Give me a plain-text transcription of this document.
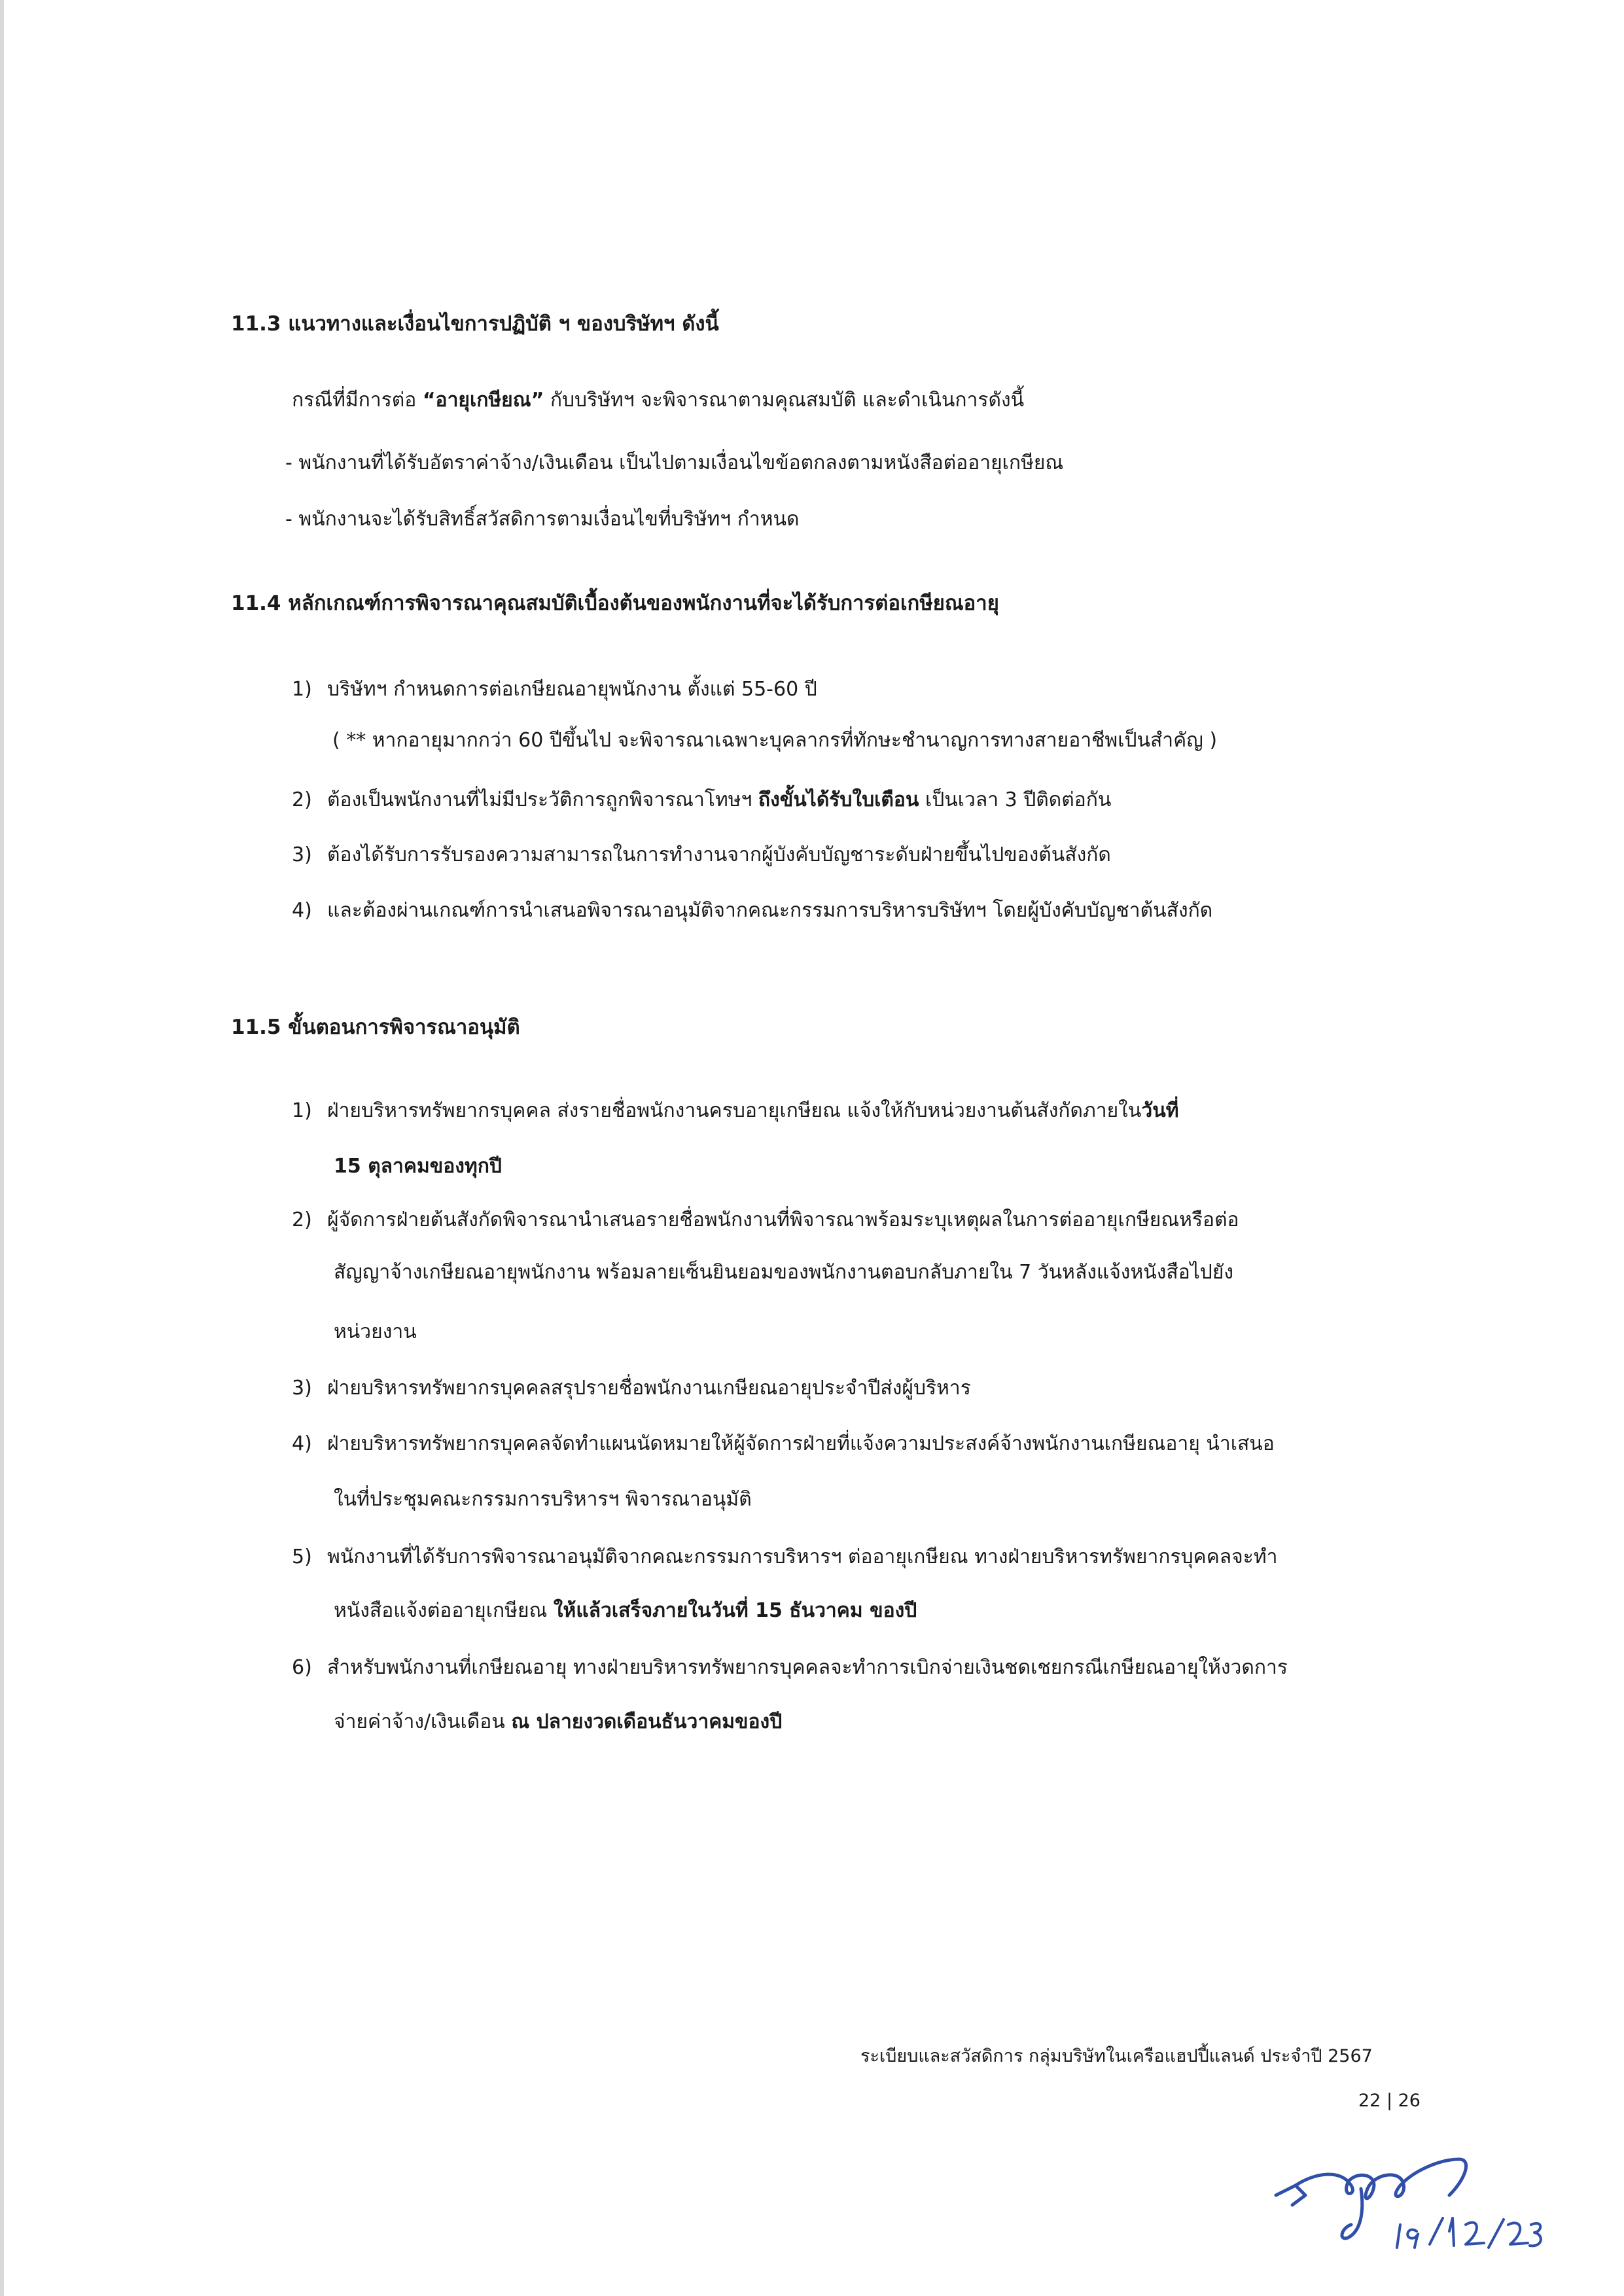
11.3 แนวทางและเงื่อนไขการปฏิบัติ ฯ ของบริษัทฯ ดังนี้
กรณีที่มีการต่อ “อายุเกษียณ” กับบริษัทฯ จะพิจารณาตามคุณสมบัติ และดำเนินการดังนี้
- พนักงานที่ได้รับอัตราค่าจ้าง/เงินเดือน เป็นไปตามเงื่อนไขข้อตกลงตามหนังสือต่ออายุเกษียณ
- พนักงานจะได้รับสิทธิ์สวัสดิการตามเงื่อนไขที่บริษัทฯ กำหนด
11.4 หลักเกณฑ์การพิจารณาคุณสมบัติเบื้องต้นของพนักงานที่จะได้รับการต่อเกษียณอายุ
1) บริษัทฯ กำหนดการต่อเกษียณอายุพนักงาน ตั้งแต่ 55-60 ปี
( ** หากอายุมากกว่า 60 ปีขึ้นไป จะพิจารณาเฉพาะบุคลากรที่ทักษะชำนาญการทางสายอาชีพเป็นสำคัญ )
2) ต้องเป็นพนักงานที่ไม่มีประวัติการถูกพิจารณาโทษฯ ถึงขั้นได้รับใบเตือน เป็นเวลา 3 ปีติดต่อกัน
3) ต้องได้รับการรับรองความสามารถในการทำงานจากผู้บังคับบัญชาระดับฝ่ายขึ้นไปของต้นสังกัด
4) และต้องผ่านเกณฑ์การนำเสนอพิจารณาอนุมัติจากคณะกรรมการบริหารบริษัทฯ โดยผู้บังคับบัญชาต้นสังกัด
11.5 ขั้นตอนการพิจารณาอนุมัติ
1) ฝ่ายบริหารทรัพยากรบุคคล ส่งรายชื่อพนักงานครบอายุเกษียณ แจ้งให้กับหน่วยงานต้นสังกัดภายในวันที่
15 ตุลาคมของทุกปี
2) ผู้จัดการฝ่ายต้นสังกัดพิจารณานำเสนอรายชื่อพนักงานที่พิจารณาพร้อมระบุเหตุผลในการต่ออายุเกษียณหรือต่อ
สัญญาจ้างเกษียณอายุพนักงาน พร้อมลายเซ็นยินยอมของพนักงานตอบกลับภายใน 7 วันหลังแจ้งหนังสือไปยัง
หน่วยงาน
3) ฝ่ายบริหารทรัพยากรบุคคลสรุปรายชื่อพนักงานเกษียณอายุประจำปีส่งผู้บริหาร
4) ฝ่ายบริหารทรัพยากรบุคคลจัดทำแผนนัดหมายให้ผู้จัดการฝ่ายที่แจ้งความประสงค์จ้างพนักงานเกษียณอายุ นำเสนอ
ในที่ประชุมคณะกรรมการบริหารฯ พิจารณาอนุมัติ
5) พนักงานที่ได้รับการพิจารณาอนุมัติจากคณะกรรมการบริหารฯ ต่ออายุเกษียณ ทางฝ่ายบริหารทรัพยากรบุคคลจะทำ
หนังสือแจ้งต่ออายุเกษียณ ให้แล้วเสร็จภายในวันที่ 15 ธันวาคม ของปี
6) สำหรับพนักงานที่เกษียณอายุ ทางฝ่ายบริหารทรัพยากรบุคคลจะทำการเบิกจ่ายเงินชดเชยกรณีเกษียณอายุให้งวดการ
จ่ายค่าจ้าง/เงินเดือน ณ ปลายงวดเดือนธันวาคมของปี
ระเบียบและสวัสดิการ กลุ่มบริษัทในเครือแฮปปี้แลนด์ ประจำปี 2567
22 | 26
